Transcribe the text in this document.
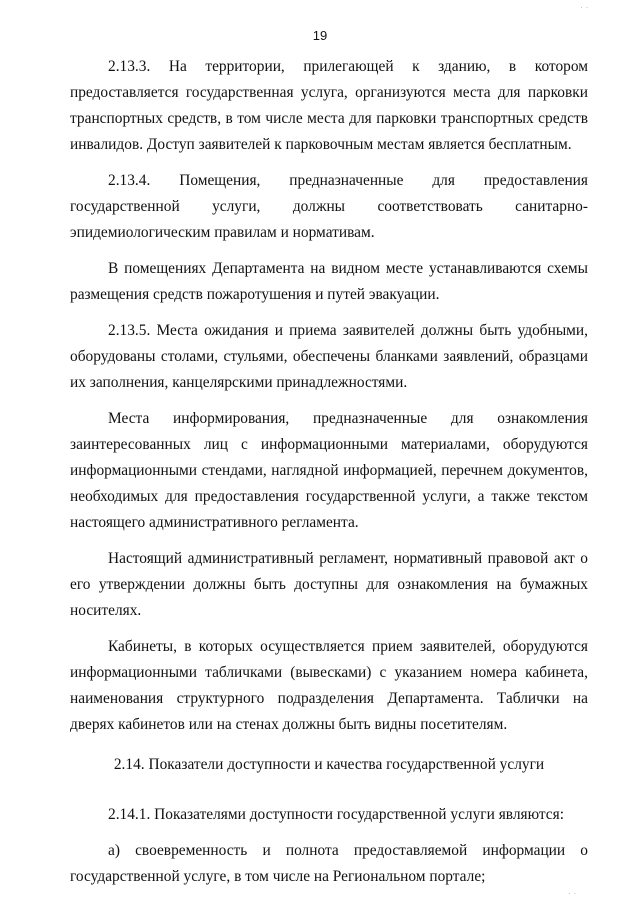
· ·
19

2.13.3. На территории, прилегающей к зданию, в котором предоставляется государственная услуга, организуются места для парковки транспортных средств, в том числе места для парковки транспортных средств инвалидов. Доступ заявителей к парковочным местам является бесплатным.

2.13.4. Помещения, предназначенные для предоставления государственной услуги, должны соответствовать санитарно-эпидемиологическим правилам и нормативам.

В помещениях Департамента на видном месте устанавливаются схемы размещения средств пожаротушения и путей эвакуации.

2.13.5. Места ожидания и приема заявителей должны быть удобными, оборудованы столами, стульями, обеспечены бланками заявлений, образцами их заполнения, канцелярскими принадлежностями.

Места информирования, предназначенные для ознакомления заинтересованных лиц с информационными материалами, оборудуются информационными стендами, наглядной информацией, перечнем документов, необходимых для предоставления государственной услуги, а также текстом настоящего административного регламента.

Настоящий административный регламент, нормативный правовой акт о его утверждении должны быть доступны для ознакомления на бумажных носителях.

Кабинеты, в которых осуществляется прием заявителей, оборудуются информационными табличками (вывесками) с указанием номера кабинета, наименования структурного подразделения Департамента. Таблички на дверях кабинетов или на стенах должны быть видны посетителям.

2.14. Показатели доступности и качества государственной услуги

2.14.1. Показателями доступности государственной услуги являются:

а) своевременность и полнота предоставляемой информации о государственной услуге, в том числе на Региональном портале;

· ·
